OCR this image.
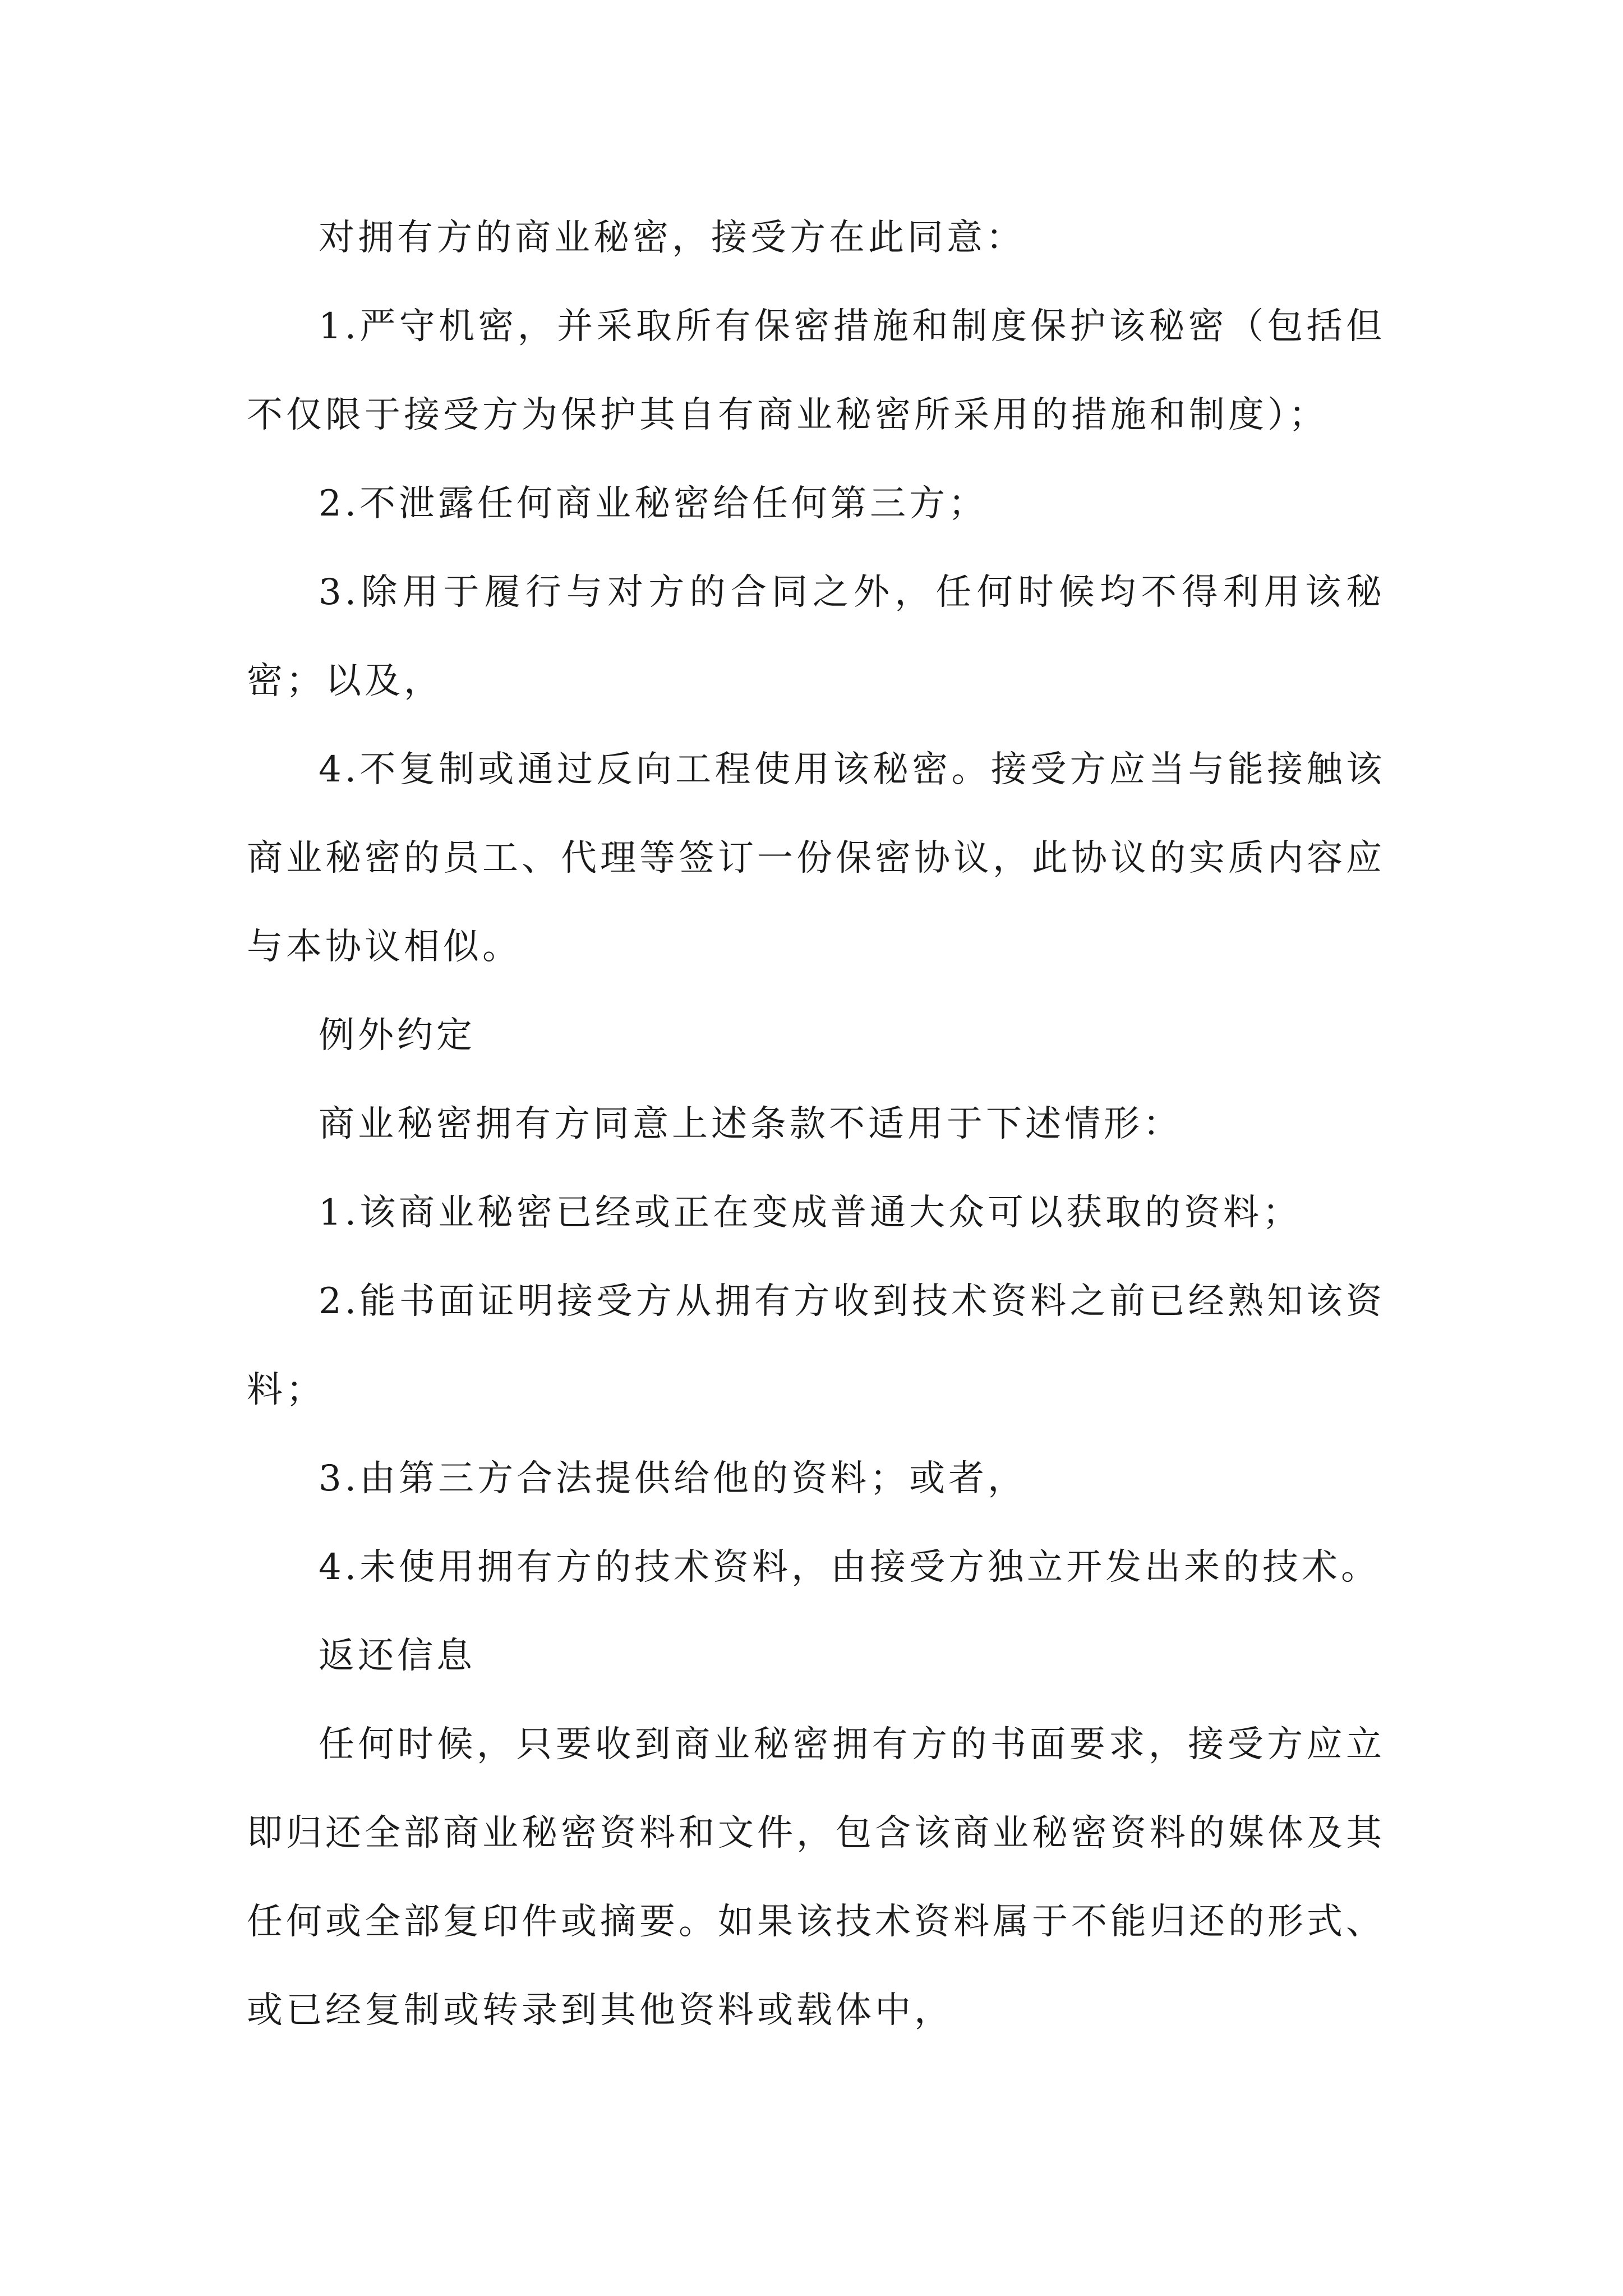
对拥有方的商业秘密，接受方在此同意：

1.严守机密，并采取所有保密措施和制度保护该秘密（包括但不仅限于接受方为保护其自有商业秘密所采用的措施和制度）；

2.不泄露任何商业秘密给任何第三方；

3.除用于履行与对方的合同之外，任何时候均不得利用该秘密；以及，

4.不复制或通过反向工程使用该秘密。接受方应当与能接触该商业秘密的员工、代理等签订一份保密协议，此协议的实质内容应与本协议相似。

例外约定

商业秘密拥有方同意上述条款不适用于下述情形：

1.该商业秘密已经或正在变成普通大众可以获取的资料；

2.能书面证明接受方从拥有方收到技术资料之前已经熟知该资料；

3.由第三方合法提供给他的资料；或者，

4.未使用拥有方的技术资料，由接受方独立开发出来的技术。

返还信息

任何时候，只要收到商业秘密拥有方的书面要求，接受方应立即归还全部商业秘密资料和文件，包含该商业秘密资料的媒体及其任何或全部复印件或摘要。如果该技术资料属于不能归还的形式、或已经复制或转录到其他资料或载体中，
